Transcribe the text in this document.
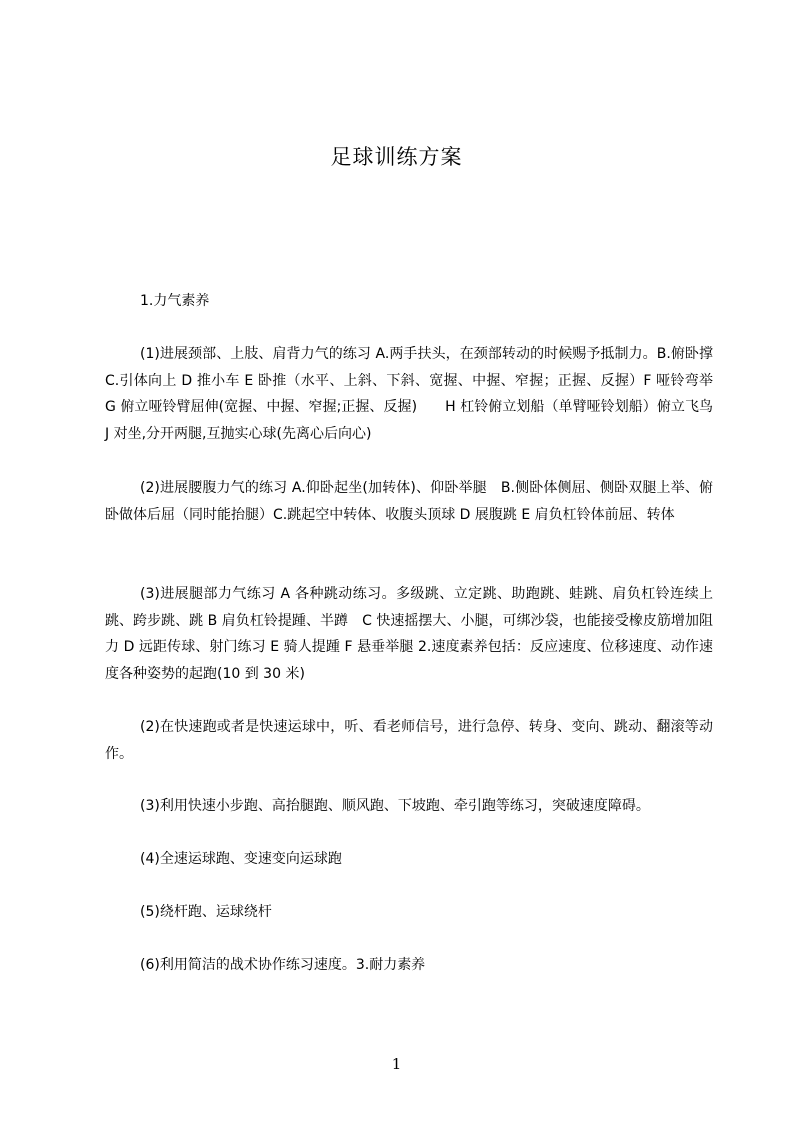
足球训练方案

1.力气素养

(1)进展颈部、上肢、肩背力气的练习 A.两手扶头，在颈部转动的时候赐予抵制力。B.俯卧撑 C.引体向上 D 推小车 E 卧推（水平、上斜、下斜、宽握、中握、窄握；正握、反握）F 哑铃弯举 G 俯立哑铃臂屈伸(宽握、中握、窄握;正握、反握)　　H 杠铃俯立划船（单臂哑铃划船）俯立飞鸟 J 对坐,分开两腿,互抛实心球(先离心后向心)

(2)进展腰腹力气的练习 A.仰卧起坐(加转体)、仰卧举腿　B.侧卧体侧屈、侧卧双腿上举、俯卧做体后屈（同时能抬腿）C.跳起空中转体、收腹头顶球 D 展腹跳 E 肩负杠铃体前屈、转体

(3)进展腿部力气练习 A 各种跳动练习。多级跳、立定跳、助跑跳、蛙跳、肩负杠铃连续上跳、跨步跳、跳 B 肩负杠铃提踵、半蹲　C 快速摇摆大、小腿，可绑沙袋，也能接受橡皮筋增加阻力 D 远距传球、射门练习 E 骑人提踵 F 悬垂举腿 2.速度素养包括：反应速度、位移速度、动作速度各种姿势的起跑(10 到 30 米)

(2)在快速跑或者是快速运球中，听、看老师信号，进行急停、转身、变向、跳动、翻滚等动作。

(3)利用快速小步跑、高抬腿跑、顺风跑、下坡跑、牵引跑等练习，突破速度障碍。

(4)全速运球跑、变速变向运球跑

(5)绕杆跑、运球绕杆

(6)利用简洁的战术协作练习速度。3.耐力素养

1
